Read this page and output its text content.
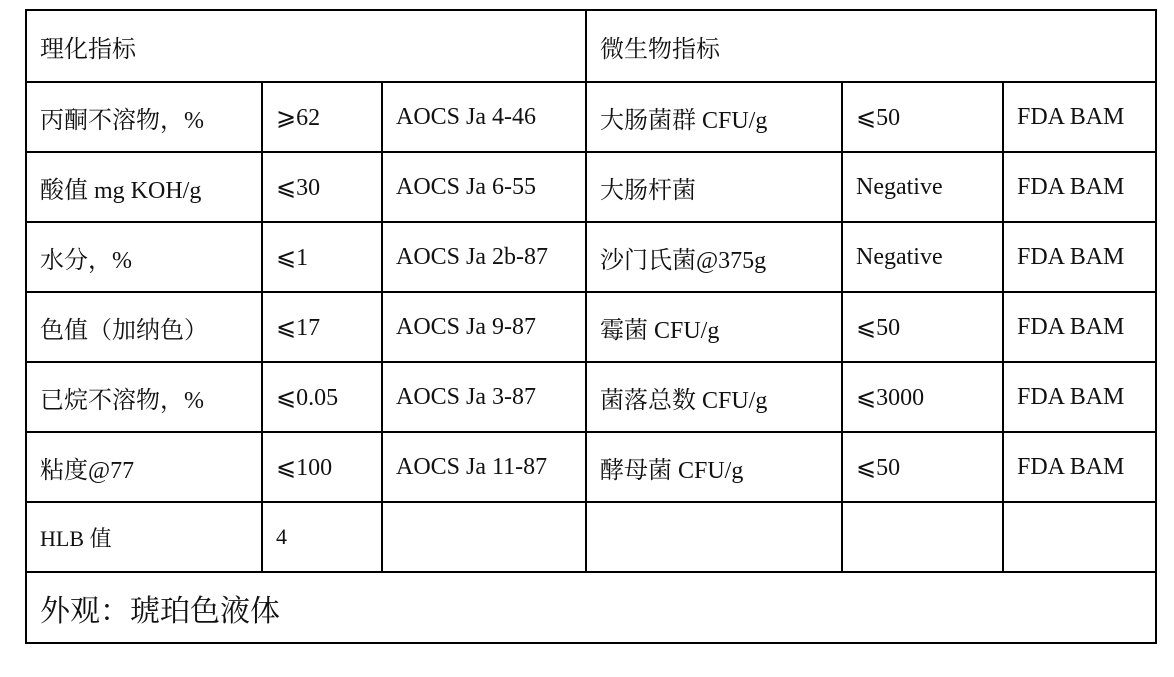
理化指标			微生物指标		
丙酮不溶物，%	⩾62	AOCS Ja 4-46	大肠菌群 CFU/g	⩽50	FDA BAM
酸值 mg KOH/g	⩽30	AOCS Ja 6-55	大肠杆菌	Negative	FDA BAM
水分，%	⩽1	AOCS Ja 2b-87	沙门氏菌@375g	Negative	FDA BAM
色值（加纳色）	⩽17	AOCS Ja 9-87	霉菌 CFU/g	⩽50	FDA BAM
已烷不溶物，%	⩽0.05	AOCS Ja 3-87	菌落总数 CFU/g	⩽3000	FDA BAM
粘度@77	⩽100	AOCS Ja 11-87	酵母菌 CFU/g	⩽50	FDA BAM
HLB 值	4				
外观：琥珀色液体					
